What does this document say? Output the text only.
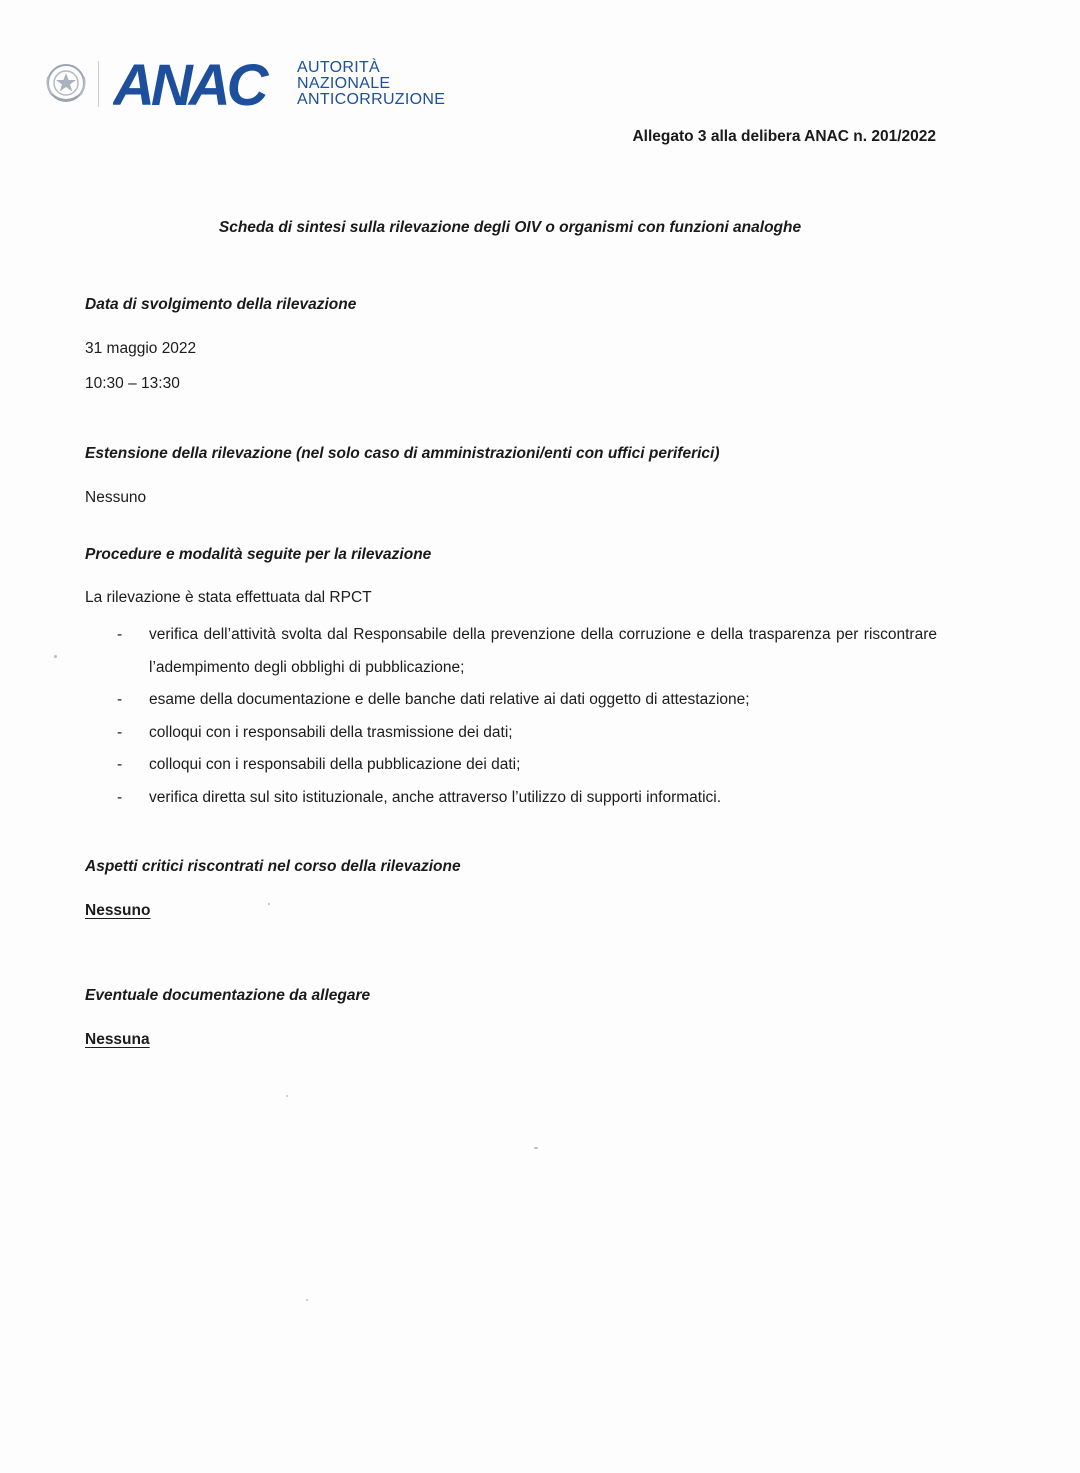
ANAC	AUTORITÀ
NAZIONALE
ANTICORRUZIONE
Allegato 3 alla delibera ANAC n. 201/2022
Scheda di sintesi sulla rilevazione degli OIV o organismi con funzioni analoghe
Data di svolgimento della rilevazione
31 maggio 2022
10:30 – 13:30
Estensione della rilevazione (nel solo caso di amministrazioni/enti con uffici periferici)
Nessuno
Procedure e modalità seguite per la rilevazione
La rilevazione è stata effettuata dal RPCT
- verifica dell’attività svolta dal Responsabile della prevenzione della corruzione e della trasparenza per riscontrare l’adempimento degli obblighi di pubblicazione;
- esame della documentazione e delle banche dati relative ai dati oggetto di attestazione;
- colloqui con i responsabili della trasmissione dei dati;
- colloqui con i responsabili della pubblicazione dei dati;
- verifica diretta sul sito istituzionale, anche attraverso l’utilizzo di supporti informatici.
Aspetti critici riscontrati nel corso della rilevazione
Nessuno
Eventuale documentazione da allegare
Nessuna
